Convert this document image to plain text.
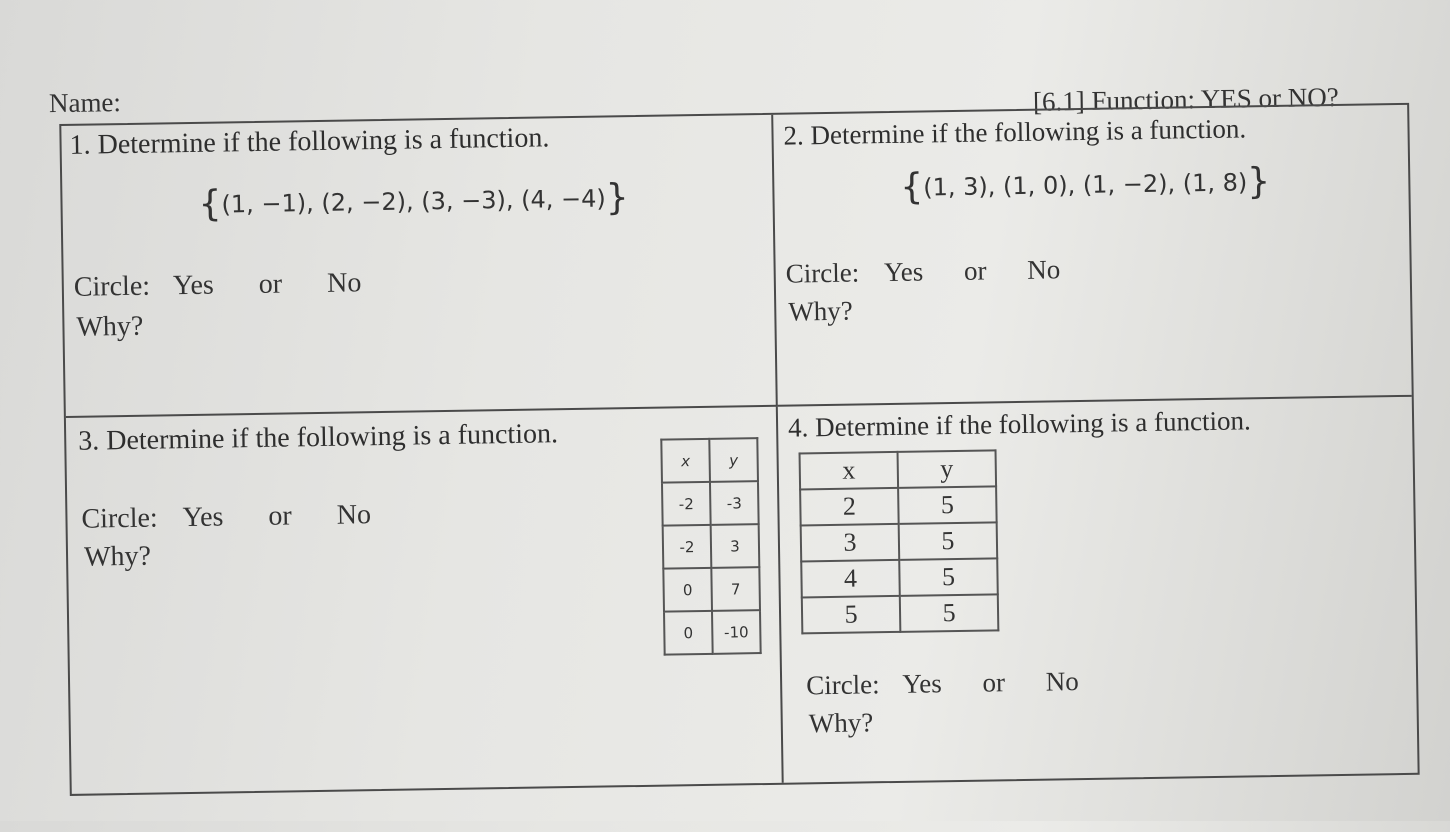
Name:	[6.1] Function: YES or NO?
1. Determine if the following is a function.
{(1, −1), (2, −2), (3, −3), (4, −4)}
Circle: Yes or No
Why?
2. Determine if the following is a function.
{(1, 3), (1, 0), (1, −2), (1, 8)}
Circle: Yes or No
Why?
3. Determine if the following is a function.
Circle: Yes or No
Why?
x	y
-2	-3
-2	3
0	7
0	-10
4. Determine if the following is a function.
x	y
2	5
3	5
4	5
5	5
Circle: Yes or No
Why?
